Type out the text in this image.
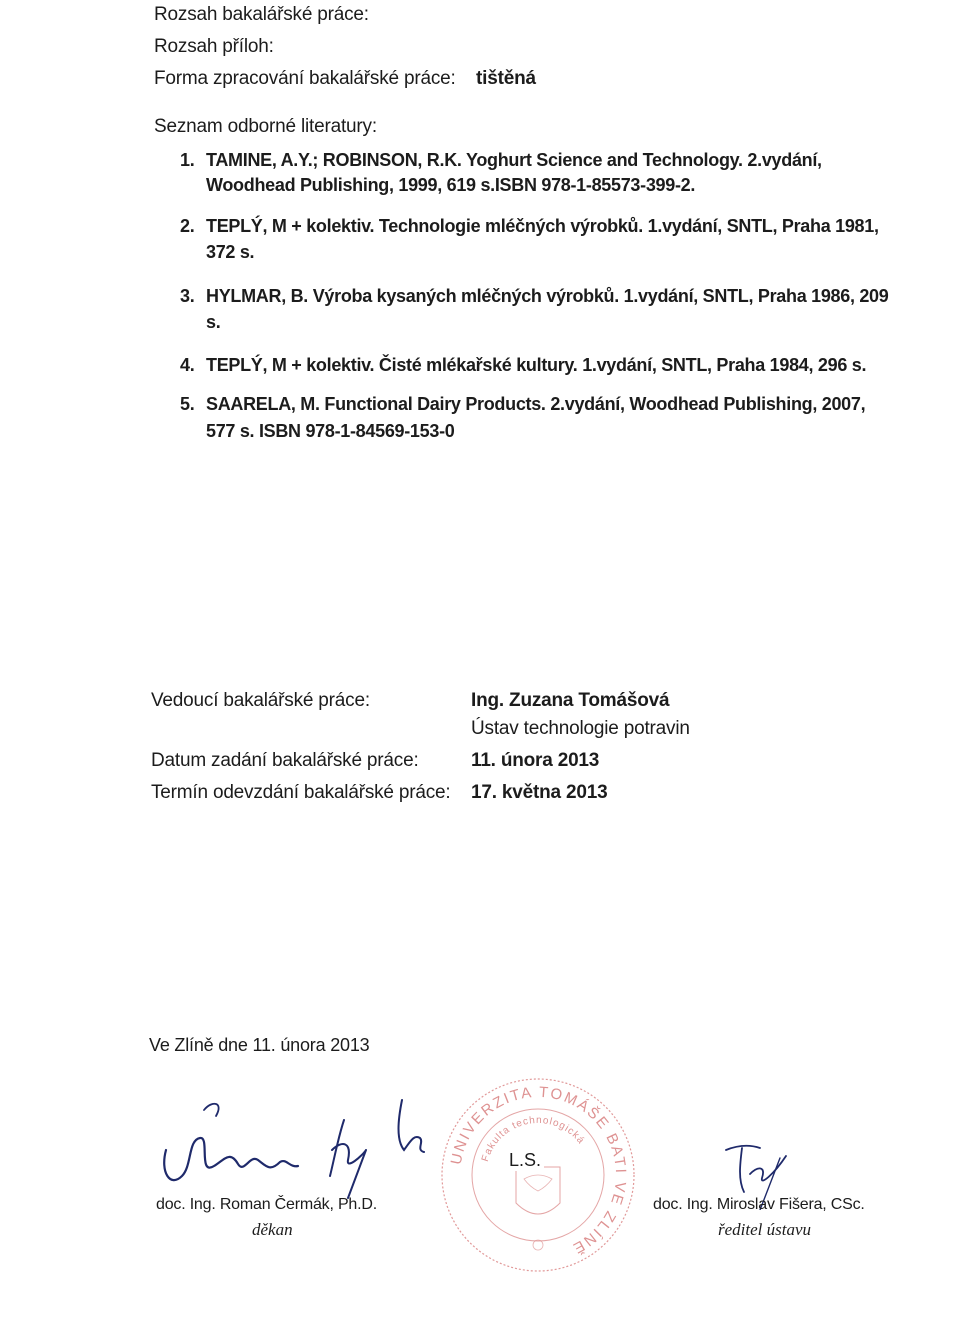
Rozsah bakalářské práce:
Rozsah příloh:
Forma zpracování bakalářské práce: tištěná
Seznam odborné literatury:
1. TAMINE, A.Y.; ROBINSON, R.K. Yoghurt Science and Technology. 2.vydání,
Woodhead Publishing, 1999, 619 s.ISBN 978-1-85573-399-2.
2. TEPLÝ, M + kolektiv. Technologie mléčných výrobků. 1.vydání, SNTL, Praha 1981,
372 s.
3. HYLMAR, B. Výroba kysaných mléčných výrobků. 1.vydání, SNTL, Praha 1986, 209
s.
4. TEPLÝ, M + kolektiv. Čisté mlékařské kultury. 1.vydání, SNTL, Praha 1984, 296 s.
5. SAARELA, M. Functional Dairy Products. 2.vydání, Woodhead Publishing, 2007,
577 s. ISBN 978-1-84569-153-0
Vedoucí bakalářské práce:	Ing. Zuzana Tomášová
Ústav technologie potravin
Datum zadání bakalářské práce:	11. února 2013
Termín odevzdání bakalářské práce: 17. května 2013
Ve Zlíně dne 11. února 2013
UNIVERZITA TOMÁŠE BATI VE ZLÍNĚ
Fakulta technologická
L.S.
doc. Ing. Roman Čermák, Ph.D.
děkan
doc. Ing. Miroslav Fišera, CSc.
ředitel ústavu
